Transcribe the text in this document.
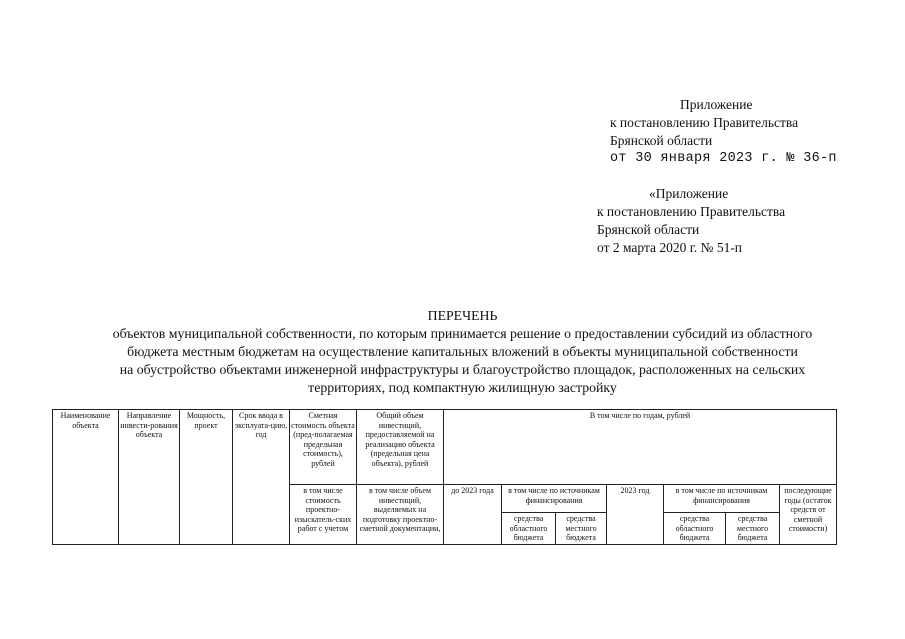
Приложение
к постановлению Правительства
Брянской области
от 30 января 2023 г. № 36-п
«Приложение
к постановлению Правительства
Брянской области
от 2 марта 2020 г. № 51-п
ПЕРЕЧЕНЬ
объектов муниципальной собственности, по которым принимается решение о предоставлении субсидий из областного
бюджета местным бюджетам на осуществление капитальных вложений в объекты муниципальной собственности
на обустройство объектами инженерной инфраструктуры и благоустройство площадок, расположенных на сельских
территориях, под компактную жилищную застройку
Наименование объекта	Направление инвести-рования объекта	Мощность, проект	Срок ввода в эксплуата-цию, год	Сметная стоимость объекта (пред-полагаемая предельная стоимость), рублей	Общий объем инвестиций, предоставляемой на реализацию объекта (предельная цена объекта), рублей	В том числе по годам, рублей						
				в том числе стоимость проектно-изыскатель-ских работ с учетом	в том числе объем инвестиций, выделяемых на подготовку проектно-сметной документации,	до 2023 года	в том числе по источникам финансирования		2023 год	в том числе по источникам финансирования		последующие годы (остаток средств от сметной стоимости)
							средства областного бюджета	средства местного бюджета		средства областного бюджета	средства местного бюджета	
